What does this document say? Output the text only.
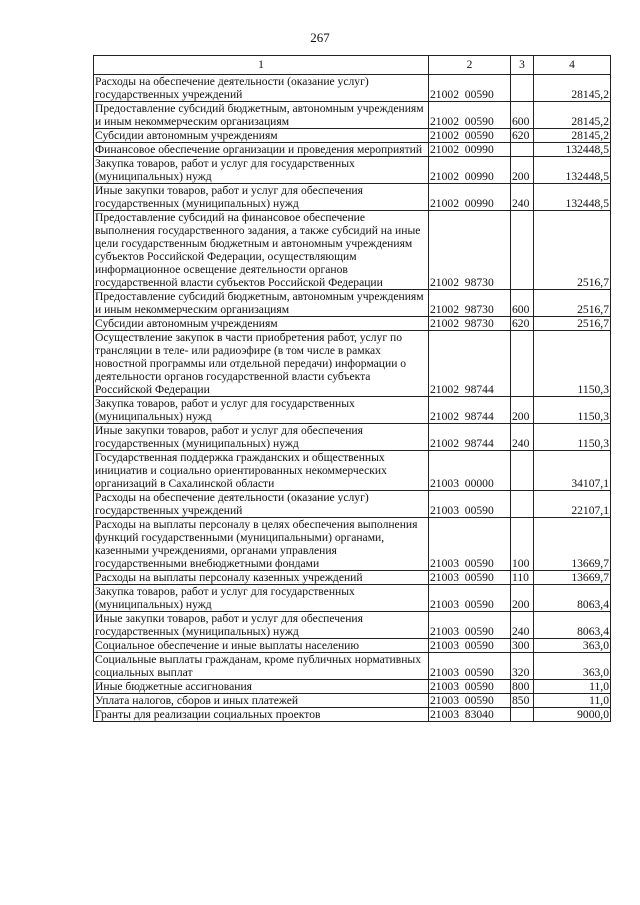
267
1	2	3	4
Расходы на обеспечение деятельности (оказание услуг) государственных учреждений	21002  00590		28145,2
Предоставление субсидий бюджетным, автономным учреждениям и иным некоммерческим организациям	21002  00590	600	28145,2
Субсидии автономным учреждениям	21002  00590	620	28145,2
Финансовое обеспечение организации и проведения мероприятий	21002  00990		132448,5
Закупка товаров, работ и услуг для государственных (муниципальных) нужд	21002  00990	200	132448,5
Иные закупки товаров, работ и услуг для обеспечения государственных (муниципальных) нужд	21002  00990	240	132448,5
Предоставление субсидий на финансовое обеспечение выполнения государственного задания, а также субсидий на иные цели государственным бюджетным и автономным учреждениям субъектов Российской Федерации, осуществляющим информационное освещение деятельности органов государственной власти субъектов Российской Федерации	21002  98730		2516,7
Предоставление субсидий бюджетным, автономным учреждениям и иным некоммерческим организациям	21002  98730	600	2516,7
Субсидии автономным учреждениям	21002  98730	620	2516,7
Осуществление закупок в части приобретения работ, услуг по трансляции в теле- или радиоэфире (в том числе в рамках новостной программы или отдельной передачи) информации о деятельности органов государственной власти субъекта Российской Федерации	21002  98744		1150,3
Закупка товаров, работ и услуг для государственных (муниципальных) нужд	21002  98744	200	1150,3
Иные закупки товаров, работ и услуг для обеспечения государственных (муниципальных) нужд	21002  98744	240	1150,3
Государственная поддержка гражданских и общественных инициатив и социально ориентированных некоммерческих организаций в Сахалинской области	21003  00000		34107,1
Расходы на обеспечение деятельности (оказание услуг) государственных учреждений	21003  00590		22107,1
Расходы на выплаты персоналу в целях обеспечения выполнения функций государственными (муниципальными) органами, казенными учреждениями, органами управления государственными внебюджетными фондами	21003  00590	100	13669,7
Расходы на выплаты персоналу казенных учреждений	21003  00590	110	13669,7
Закупка товаров, работ и услуг для государственных (муниципальных) нужд	21003  00590	200	8063,4
Иные закупки товаров, работ и услуг для обеспечения государственных (муниципальных) нужд	21003  00590	240	8063,4
Социальное обеспечение и иные выплаты населению	21003  00590	300	363,0
Социальные выплаты гражданам, кроме публичных нормативных социальных выплат	21003  00590	320	363,0
Иные бюджетные ассигнования	21003  00590	800	11,0
Уплата налогов, сборов и иных платежей	21003  00590	850	11,0
Гранты для реализации социальных проектов	21003  83040		9000,0
